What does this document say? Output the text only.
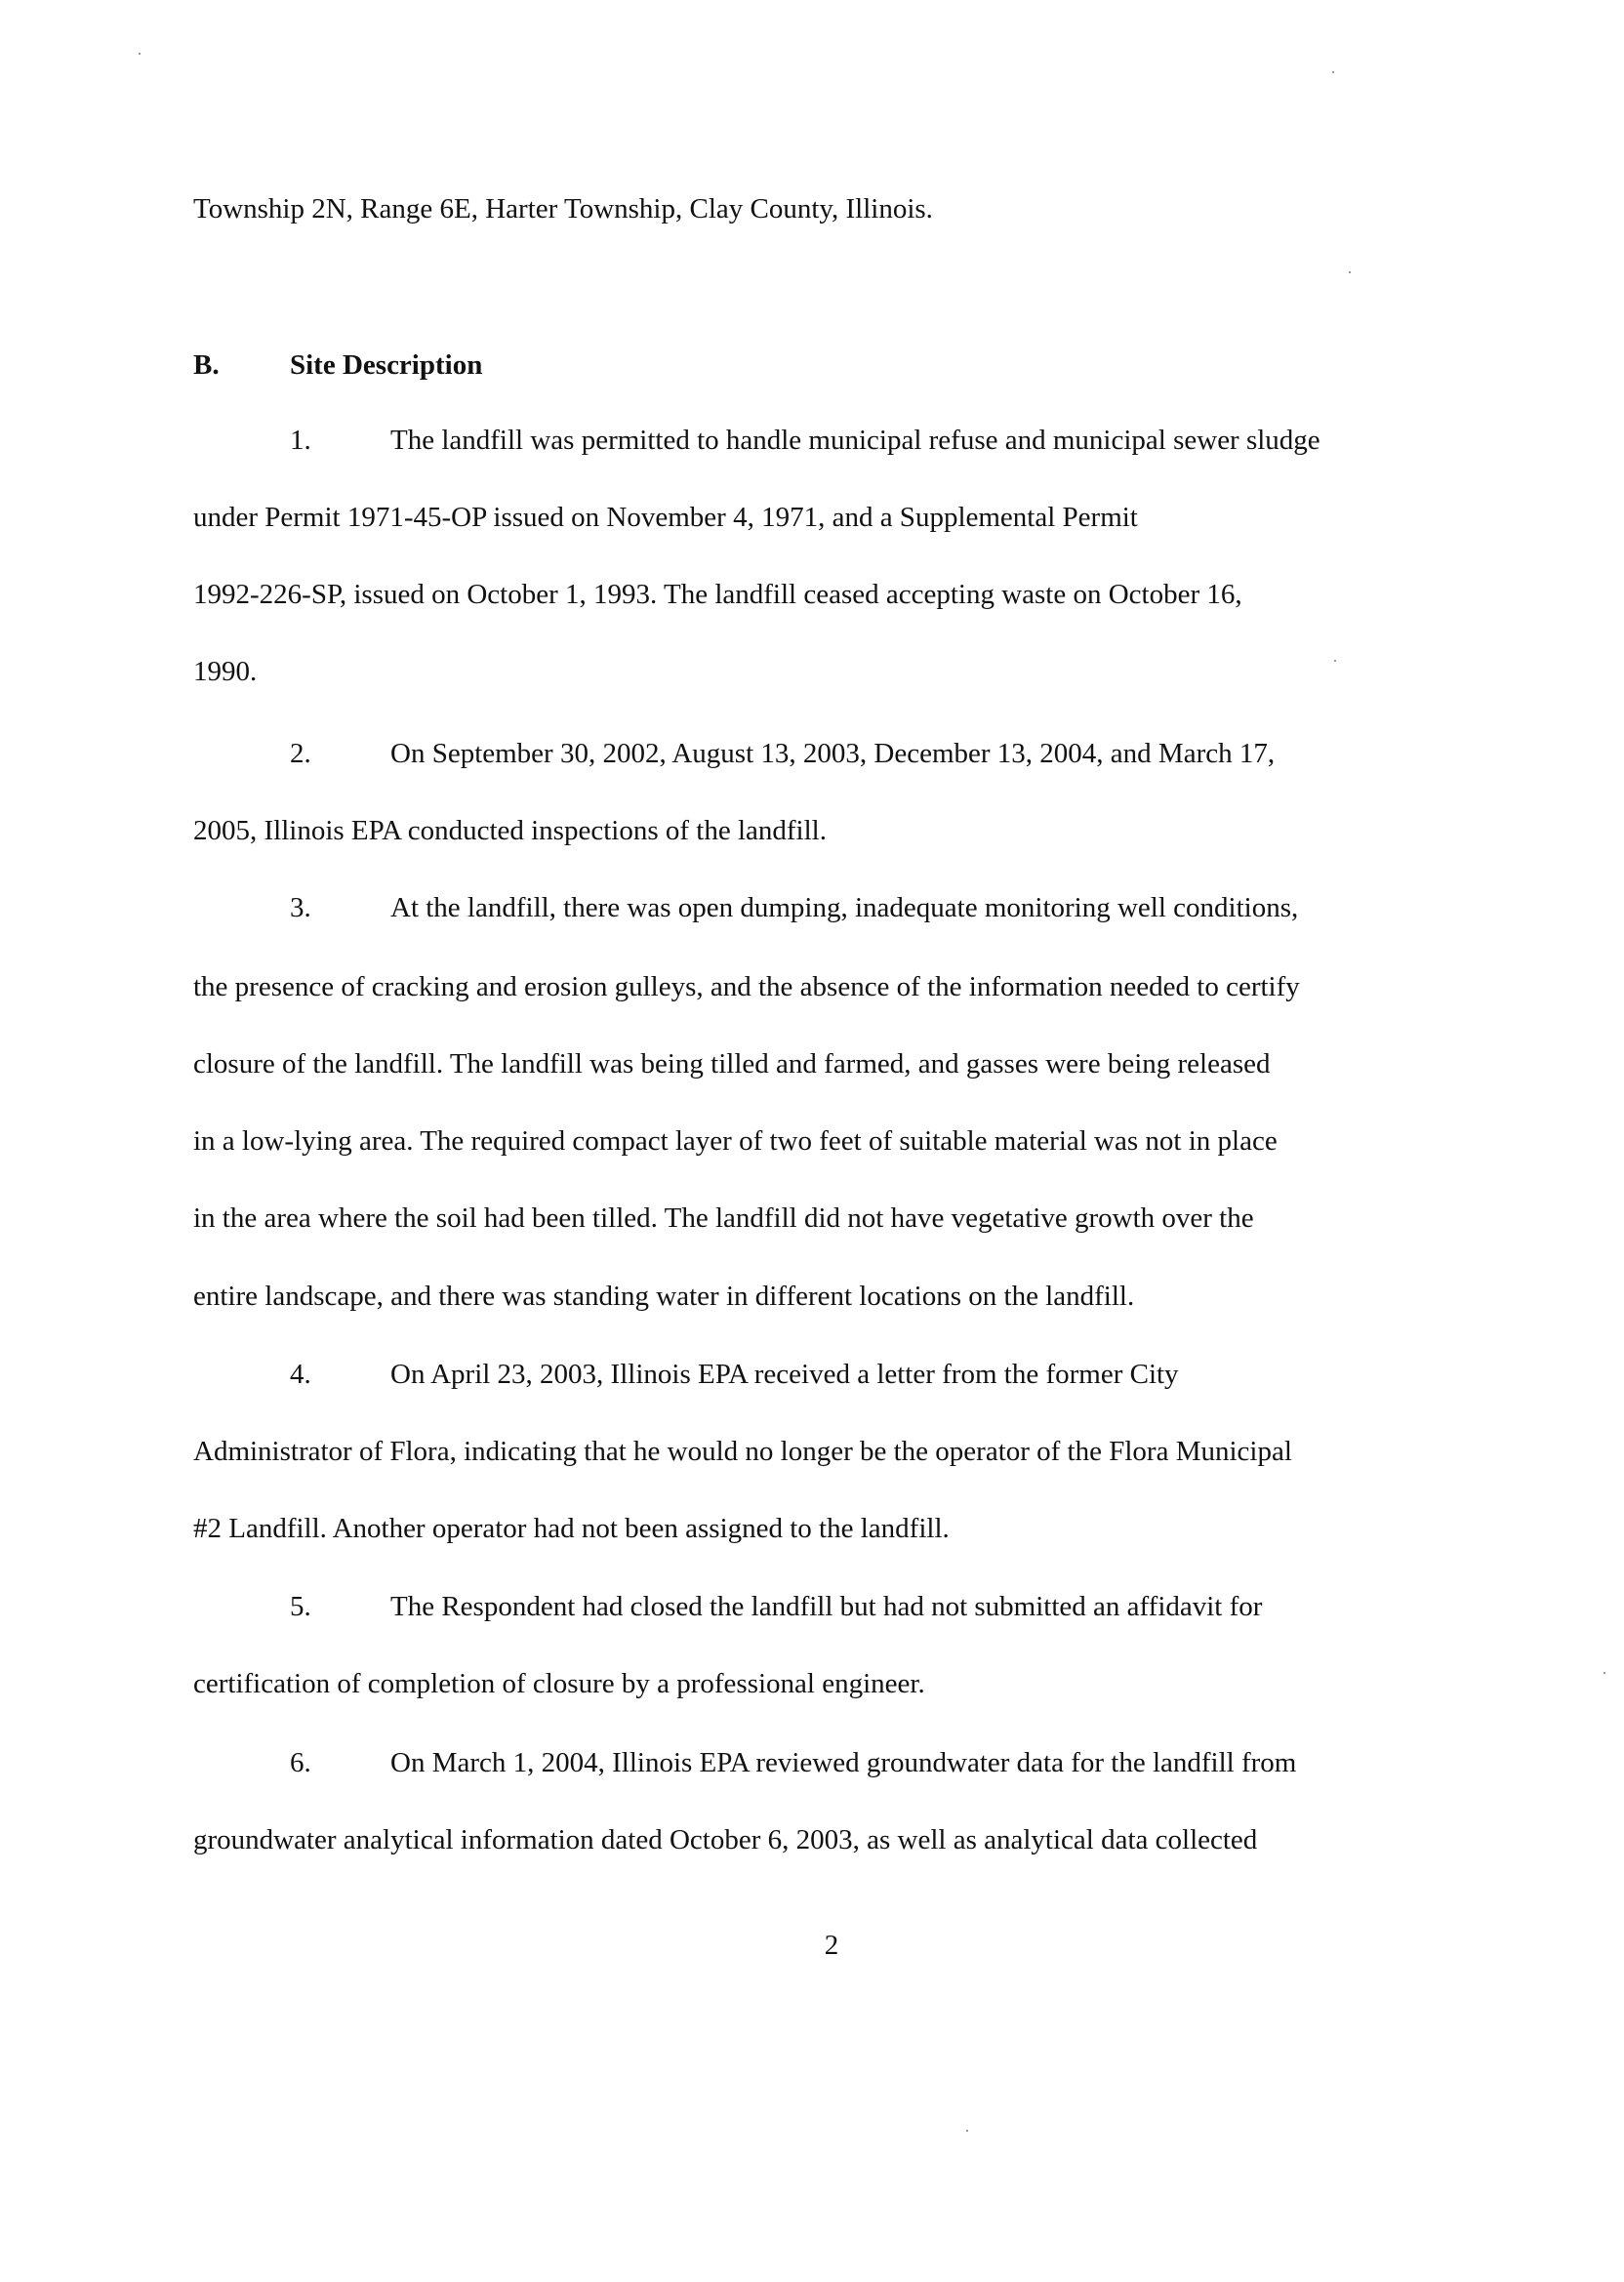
Township 2N, Range 6E, Harter Township, Clay County, Illinois.
B. Site Description
1.	The landfill was permitted to handle municipal refuse and municipal sewer sludge
under Permit 1971-45-OP issued on November 4, 1971, and a Supplemental Permit
1992-226-SP, issued on October 1, 1993. The landfill ceased accepting waste on October 16,
1990.
2.	On September 30, 2002, August 13, 2003, December 13, 2004, and March 17,
2005, Illinois EPA conducted inspections of the landfill.
3.	At the landfill, there was open dumping, inadequate monitoring well conditions,
the presence of cracking and erosion gulleys, and the absence of the information needed to certify
closure of the landfill. The landfill was being tilled and farmed, and gasses were being released
in a low-lying area. The required compact layer of two feet of suitable material was not in place
in the area where the soil had been tilled. The landfill did not have vegetative growth over the
entire landscape, and there was standing water in different locations on the landfill.
4.	On April 23, 2003, Illinois EPA received a letter from the former City
Administrator of Flora, indicating that he would no longer be the operator of the Flora Municipal
#2 Landfill. Another operator had not been assigned to the landfill.
5.	The Respondent had closed the landfill but had not submitted an affidavit for
certification of completion of closure by a professional engineer.
6.	On March 1, 2004, Illinois EPA reviewed groundwater data for the landfill from
groundwater analytical information dated October 6, 2003, as well as analytical data collected
2
